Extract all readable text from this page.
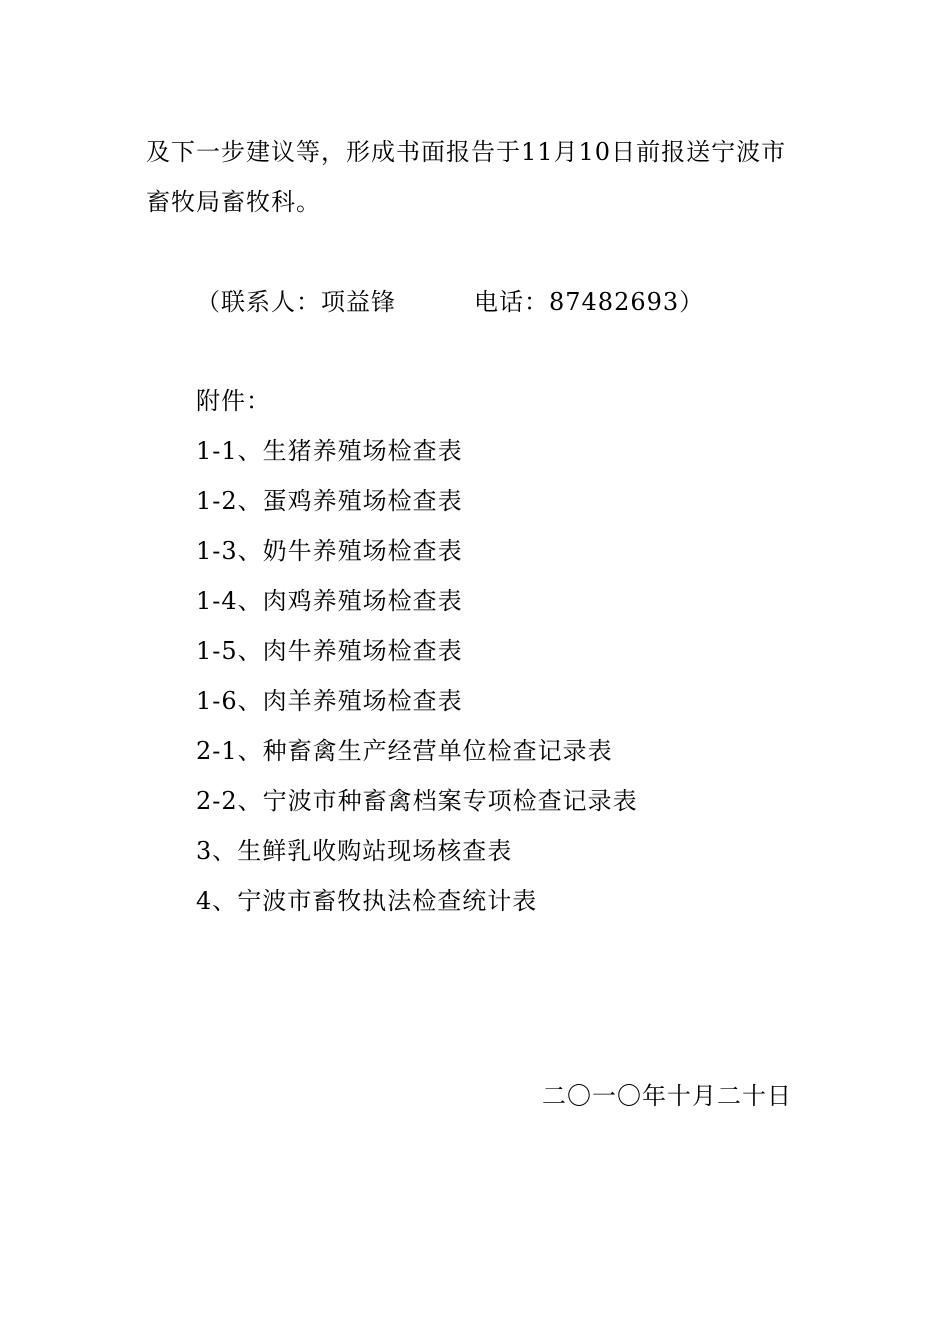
及下一步建议等，形成书面报告于11月10日前报送宁波市
畜牧局畜牧科。
（联系人：项益锋	电话：87482693）
附件：
1-1、生猪养殖场检查表
1-2、蛋鸡养殖场检查表
1-3、奶牛养殖场检查表
1-4、肉鸡养殖场检查表
1-5、肉牛养殖场检查表
1-6、肉羊养殖场检查表
2-1、种畜禽生产经营单位检查记录表
2-2、宁波市种畜禽档案专项检查记录表
3、生鲜乳收购站现场核查表
4、宁波市畜牧执法检查统计表
二〇一〇年十月二十日
